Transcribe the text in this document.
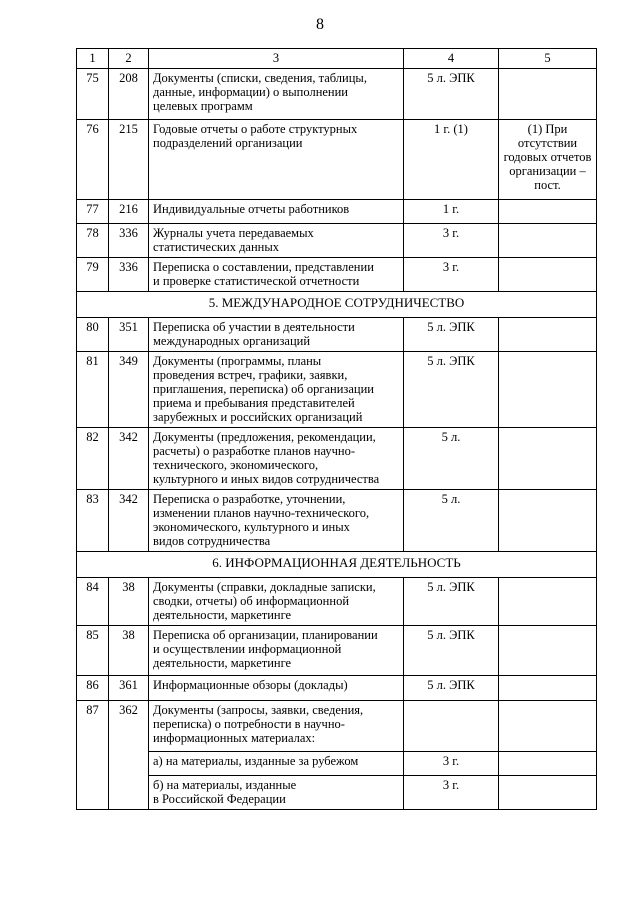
8
1	2	3	4	5
75	208	Документы (списки, сведения, таблицы,
данные, информации) о выполнении
целевых программ	5 л. ЭПК	
76	215	Годовые отчеты о работе структурных
подразделений организации	1 г. (1)	(1) При
отсутствии
годовых отчетов
организации –
пост.

77	216	Индивидуальные отчеты работников	1 г.	
78	336	Журналы учета передаваемых
статистических данных	3 г.	
79	336	Переписка о составлении, представлении
и проверке статистической отчетности	3 г.	
5. МЕЖДУНАРОДНОЕ СОТРУДНИЧЕСТВО				
80	351	Переписка об участии в деятельности
международных организаций	5 л. ЭПК	
81	349	Документы (программы, планы
проведения встреч, графики, заявки,
приглашения, переписка) об организации
приема и пребывания представителей
зарубежных и российских организаций	5 л. ЭПК	
82	342	Документы (предложения, рекомендации,
расчеты) о разработке планов научно-
технического, экономического,
культурного и иных видов сотрудничества	5 л.	
83	342	Переписка о разработке, уточнении,
изменении планов научно-технического,
экономического, культурного и иных
видов сотрудничества	5 л.	
6. ИНФОРМАЦИОННАЯ ДЕЯТЕЛЬНОСТЬ				
84	38	Документы (справки, докладные записки,
сводки, отчеты) об информационной
деятельности, маркетинге	5 л. ЭПК	
85	38	Переписка об организации, планировании
и осуществлении информационной
деятельности, маркетинге	5 л. ЭПК	
86	361	Информационные обзоры (доклады)	5 л. ЭПК	
87	362	Документы (запросы, заявки, сведения,
переписка) о потребности в научно-
информационных материалах:		

		а) на материалы, изданные за рубежом	3 г.	

		б) на материалы, изданные
в Российской Федерации	3 г.	
